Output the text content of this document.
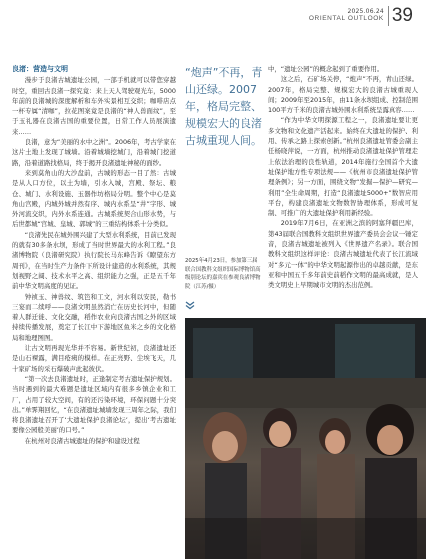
2025.06.24
ORIENTAL OUTLOOK 39
良渚：营造与文明

漫步于良渚古城遗址公园，一部手机就可以带您穿越时空，重回古良渚一探究竟：来上天人驾驶观光车，5000年前的良渚城的深度解析和车外实景相互交织；咖啡店点一杯专属“清咖”，拉花图案竟是良渚的“神人兽面纹”，至于玉礼器在良渚古国的重要位置，日常工作人员展演遗来……

良渚，意为“美丽的水中之洲”。2006年，考古学家在这片土地上发现了城墙。沿着城墙挖城门，沿着城门挖道路，沿着道路找格局，终于揭开良渚遗址神秘的面纱。

来到莫角山的大沙盘前，古城的形态一目了然：古城是从人口方位，以土为墙，引水入城，宫殿、祭坛、粮仓、城门、水利设施、玉器作坊格局分明。整个中心是莫角山宫殿，内城外城并然有序、城内水系呈“井”字形、城外河流交织，内外水系连通。古城系统契合山形水势，与后世都城“宫城、皇城、郭城”的三重结构体系十分类似。

“良渚先民在城外围兴建了大型水利系统，目前已发现的就有30多条水坝，形成了当时世界最大的水利工程。”良渚博物院（良渚研究院）执行院长马东峰告诉《瞭望东方周刊》，在当时生产力条件下所设计建造的水利系统，其规划视野之阔、技术水平之高、组织能力之强，正是五千年前中华文明高度的见证。

钟祯玉、神兽纹、筑笆和工文，河水利以安民，勒书三宴而二续呼——良渚文明虽然消亡在历史长河中，但随着人群迁徙、文化交融，稻作农业向良渚古国之外的区域持续传播发展，奠定了长江中下游地区鱼米之乡的文化格局和地理图图。

让古文明再现光华并不容易。新世纪初，良渚遗址还是山石裸露，满目疮痍的模样。在正亮野、尘埃飞天，几十家矿场的采石爆破声此起彼伏。

“第一次去良渚遗址时，正逢制定考古遗址保护规划。当时遇到的最大难题是遗址区域内有很多乡镇企业和工厂，占用了较大空间，有的还污染环境，环保问题十分突出。”单霁翔回忆，“在良渚遗址城墙发现三周年之际，我们将良渚遗址召开了‘大遗址保护良渚论坛’，提出‘考古遗址要像公园般美丽’的口号。”

在杭州对良渚古城遗址的保护和建设过程

“炮声”不再，青山还绿。2007年，格局完整、规模宏大的良渚古城重现人间。
2025年4月23日，参加第三届联合国教科文组织国际博物馆高级别论坛的嘉宾在参观良渚博物院（江苏/摄）

中，“遗址公园”的概念起到了重要作用。

这之后，石矿场关停，“炮声”不再，青山还绿。2007年，格局完整、规模宏大的良渚古城重现人间；2009年至2015年，由11条水坝组成、控制范围100平方千米的良渚古城外围水利系统呈露真容……

“作为中华文明探源工程之一，良渚遗址要让更多文物和文化遗产活起来。始终在大遗址的保护、利用、传承之路上探索创新。”杭州良渚遗址管委会副主任杨晓萍说，一方面，杭州推动良渚遗址保护管理走上依法治理的良性轨道，2014年施行全国首个大遗址保护地方性专项法规——《杭州市良渚遗址保护管理条例》；另一方面，围绕文物“发掘—保护—研究—利用”全生命周期，打造“良渚遗址5000+”数智应用平台，构建良渚遗址文物数智协理体系，形成可复制、可推广的大遗址保护利用新经验。

2019年7月6日，在亚洲之滨的阿塞拜疆巴库，第43届联合国教科文组织世界遗产委员会会议一锤定音，良渚古城遗址被列入《世界遗产名录》。联合国教科文组织这样评论：良渚古城遗址代表了长江流域对“多元一体”的中华文明起源作出的卓越贡献，是东亚和中国五千多年前史前稻作文明的最高成就，是人类文明史上早期城市文明的杰出范例。
